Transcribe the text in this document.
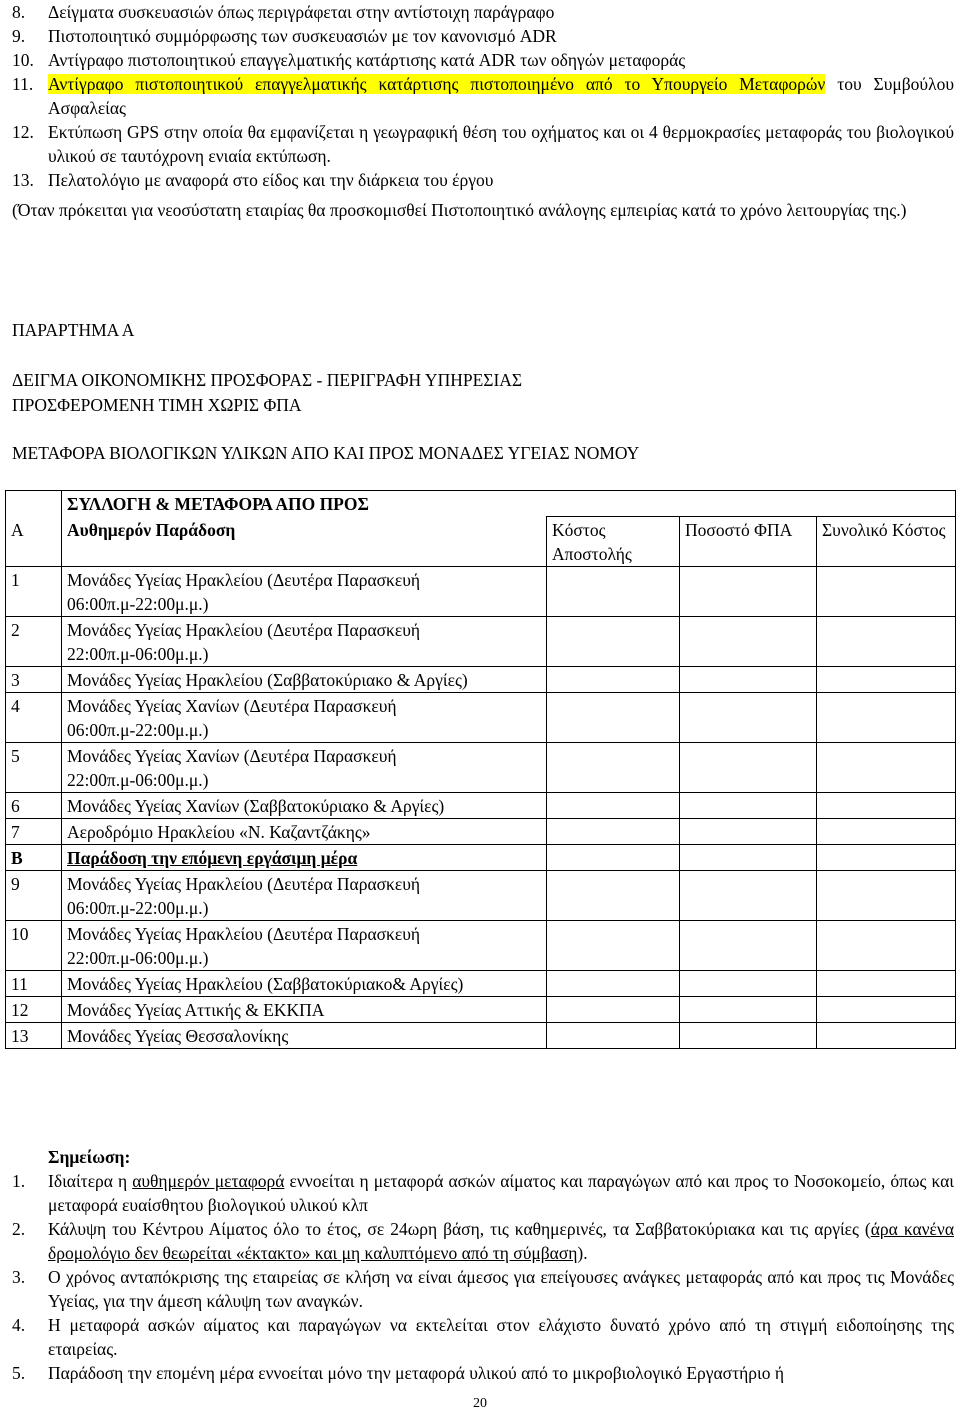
8.	Δείγματα συσκευασιών όπως περιγράφεται στην αντίστοιχη παράγραφο
9.	Πιστοποιητικό συμμόρφωσης των συσκευασιών με τον κανονισμό ADR
10. Αντίγραφο πιστοποιητικού επαγγελματικής κατάρτισης κατά ADR των οδηγών μεταφοράς
11. Αντίγραφο πιστοποιητικού επαγγελματικής κατάρτισης πιστοποιημένο από το Υπουργείο Μεταφορών του Συμβούλου Ασφαλείας
12. Εκτύπωση GPS στην οποία θα εμφανίζεται η γεωγραφική θέση του οχήματος και οι 4 θερμοκρασίες μεταφοράς του βιολογικού υλικού σε ταυτόχρονη ενιαία εκτύπωση.
13. Πελατολόγιο με αναφορά στο είδος και την διάρκεια του έργου
(Όταν πρόκειται για νεοσύστατη εταιρίας θα προσκομισθεί Πιστοποιητικό ανάλογης εμπειρίας κατά το χρόνο λειτουργίας της.)
ΠΑΡΑΡΤΗΜΑ Α
ΔΕΙΓΜΑ ΟΙΚΟΝΟΜΙΚΗΣ ΠΡΟΣΦΟΡΑΣ - ΠΕΡΙΓΡΑΦΗ ΥΠΗΡΕΣΙΑΣ
ΠΡΟΣΦΕΡΟΜΕΝΗ ΤΙΜΗ ΧΩΡΙΣ ΦΠΑ
ΜΕΤΑΦΟΡΑ ΒΙΟΛΟΓΙΚΩΝ ΥΛΙΚΩΝ ΑΠΟ ΚΑΙ ΠΡΟΣ ΜΟΝΑΔΕΣ ΥΓΕΙΑΣ ΝΟΜΟΥ
	ΣΥΛΛΟΓΗ & ΜΕΤΑΦΟΡΑ ΑΠΟ ΠΡΟΣ			
Α	Αυθημερόν Παράδοση	Κόστος Αποστολής	Ποσοστό ΦΠΑ	Συνολικό Κόστος
1	Μονάδες Υγείας Ηρακλείου (Δευτέρα Παρασκευή 06:00π.μ-22:00μ.μ.)			
2	Μονάδες Υγείας Ηρακλείου (Δευτέρα Παρασκευή 22:00π.μ-06:00μ.μ.)			
3	Μονάδες Υγείας Ηρακλείου (Σαββατοκύριακο & Αργίες)			
4	Μονάδες Υγείας Χανίων (Δευτέρα Παρασκευή 06:00π.μ-22:00μ.μ.)			
5	Μονάδες Υγείας Χανίων (Δευτέρα Παρασκευή 22:00π.μ-06:00μ.μ.)			
6	Μονάδες Υγείας Χανίων (Σαββατοκύριακο & Αργίες)			
7	Αεροδρόμιο Ηρακλείου «Ν. Καζαντζάκης»			
Β	Παράδοση την επόμενη εργάσιμη μέρα			
9	Μονάδες Υγείας Ηρακλείου (Δευτέρα Παρασκευή 06:00π.μ-22:00μ.μ.)			
10	Μονάδες Υγείας Ηρακλείου (Δευτέρα Παρασκευή 22:00π.μ-06:00μ.μ.)			
11	Μονάδες Υγείας Ηρακλείου (Σαββατοκύριακο& Αργίες)			
12	Μονάδες Υγείας Αττικής & ΕΚΚΠΑ			
13	Μονάδες Υγείας Θεσσαλονίκης			
Σημείωση:
1.	Ιδιαίτερα η αυθημερόν μεταφορά εννοείται η μεταφορά ασκών αίματος και παραγώγων από και προς το Νοσοκομείο, όπως και μεταφορά ευαίσθητου βιολογικού υλικού κλπ
2.	Κάλυψη του Κέντρου Αίματος όλο το έτος, σε 24ωρη βάση, τις καθημερινές, τα Σαββατοκύριακα και τις αργίες (άρα κανένα δρομολόγιο δεν θεωρείται «έκτακτο» και μη καλυπτόμενο από τη σύμβαση).
3.	Ο χρόνος ανταπόκρισης της εταιρείας σε κλήση να είναι άμεσος για επείγουσες ανάγκες μεταφοράς από και προς τις Μονάδες Υγείας, για την άμεση κάλυψη των αναγκών.
4.	Η μεταφορά ασκών αίματος και παραγώγων να εκτελείται στον ελάχιστο δυνατό χρόνο από τη στιγμή ειδοποίησης της εταιρείας.
5.	Παράδοση την επομένη μέρα εννοείται μόνο την μεταφορά υλικού από το μικροβιολογικό Εργαστήριο ή
20
